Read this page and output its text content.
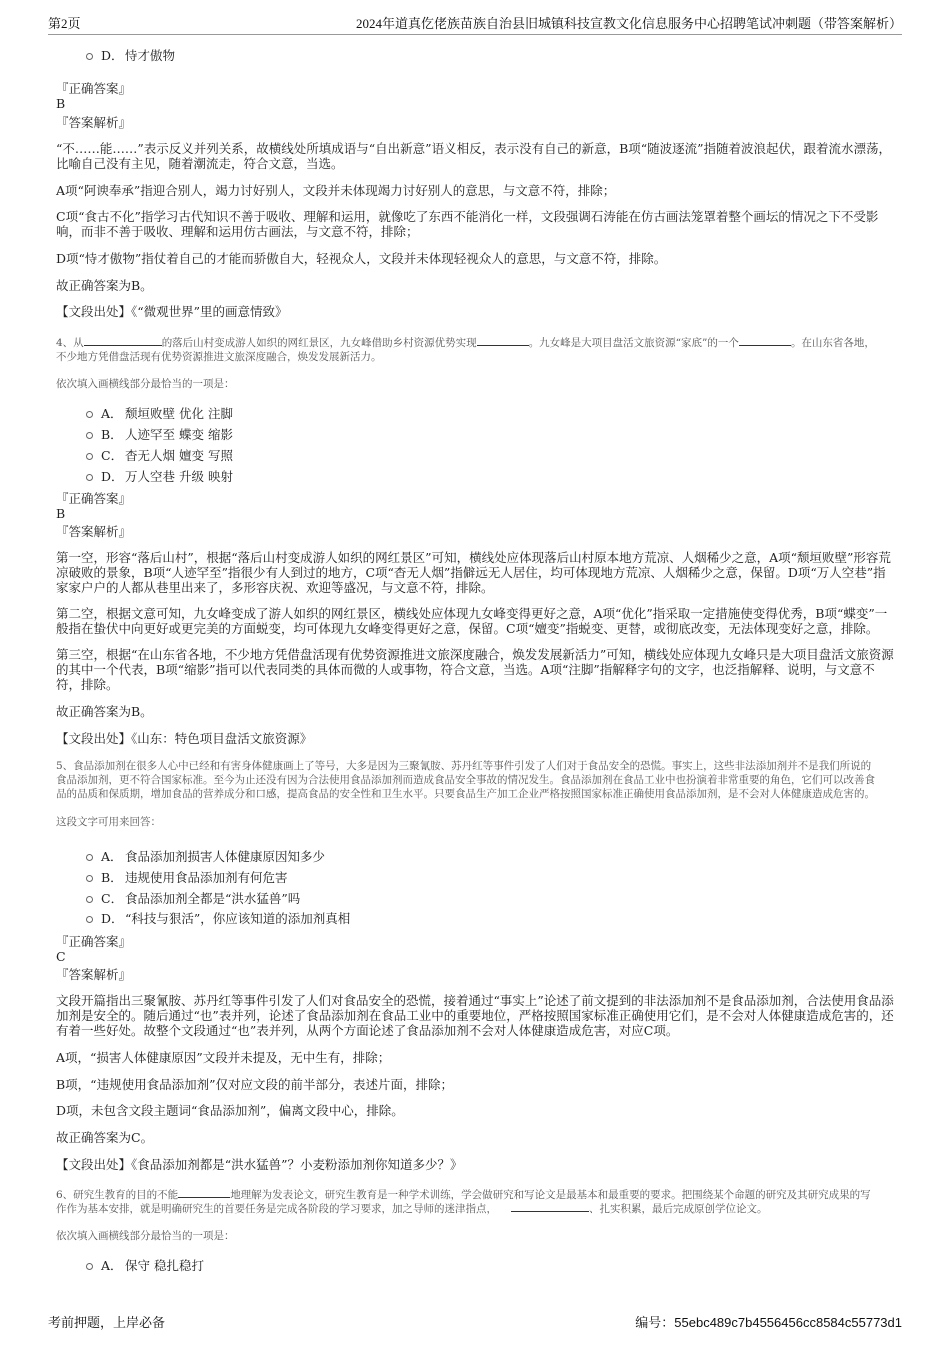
第2页	2024年道真仡佬族苗族自治县旧城镇科技宣教文化信息服务中心招聘笔试冲刺题（带答案解析）
D． 恃才傲物

『正确答案』

B

『答案解析』

“不……能……”表示反义并列关系，故横线处所填成语与“自出新意”语义相反，表示没有自己的新意，B项“随波逐流”指随着波浪起伏，跟着流水漂荡，比喻自己没有主见，随着潮流走，符合文意，当选。

A项“阿谀奉承”指迎合别人，竭力讨好别人，文段并未体现竭力讨好别人的意思，与文意不符，排除；

C项“食古不化”指学习古代知识不善于吸收、理解和运用，就像吃了东西不能消化一样，文段强调石涛能在仿古画法笼罩着整个画坛的情况之下不受影响，而非不善于吸收、理解和运用仿古画法，与文意不符，排除；

D项“恃才傲物”指仗着自己的才能而骄傲自大，轻视众人，文段并未体现轻视众人的意思，与文意不符，排除。

故正确答案为B。

【文段出处】《“微观世界”里的画意情致》

4、从	的落后山村变成游人如织的网红景区，九女峰借助乡村资源优势实现	。九女峰是大项目盘活文旅资源“家底”的一个	。在山东省各地，

不少地方凭借盘活现有优势资源推进文旅深度融合，焕发发展新活力。

依次填入画横线部分最恰当的一项是：

A． 颓垣败壁 优化 注脚
B． 人迹罕至 蝶变 缩影
C． 杳无人烟 嬗变 写照
D． 万人空巷 升级 映射

『正确答案』

B

『答案解析』

第一空，形容“落后山村”，根据“落后山村变成游人如织的网红景区”可知，横线处应体现落后山村原本地方荒凉、人烟稀少之意，A项“颓垣败壁”形容荒凉破败的景象，B项“人迹罕至”指很少有人到过的地方，C项“杳无人烟”指僻远无人居住，均可体现地方荒凉、人烟稀少之意，保留。D项“万人空巷”指家家户户的人都从巷里出来了，多形容庆祝、欢迎等盛况，与文意不符，排除。

第二空，根据文意可知，九女峰变成了游人如织的网红景区，横线处应体现九女峰变得更好之意，A项“优化”指采取一定措施使变得优秀，B项“蝶变”一般指在蛰伏中向更好或更完美的方面蜕变，均可体现九女峰变得更好之意，保留。C项“嬗变”指蜕变、更替，或彻底改变，无法体现变好之意，排除。

第三空，根据“在山东省各地，不少地方凭借盘活现有优势资源推进文旅深度融合，焕发发展新活力”可知，横线处应体现九女峰只是大项目盘活文旅资源的其中一个代表，B项“缩影”指可以代表同类的具体而微的人或事物，符合文意，当选。A项“注脚”指解释字句的文字，也泛指解释、说明，与文意不符，排除。

故正确答案为B。

【文段出处】《山东：特色项目盘活文旅资源》

5、食品添加剂在很多人心中已经和有害身体健康画上了等号，大多是因为三聚氰胺、苏丹红等事件引发了人们对于食品安全的恐慌。事实上，这些非法添加剂并不是我们所说的

食品添加剂，更不符合国家标准。至今为止还没有因为合法使用食品添加剂而造成食品安全事故的情况发生。食品添加剂在食品工业中也扮演着非常重要的角色，它们可以改善食

品的品质和保质期，增加食品的营养成分和口感，提高食品的安全性和卫生水平。只要食品生产加工企业严格按照国家标准正确使用食品添加剂，是不会对人体健康造成危害的。

这段文字可用来回答：

A． 食品添加剂损害人体健康原因知多少
B． 违规使用食品添加剂有何危害
C． 食品添加剂全都是“洪水猛兽”吗
D． “科技与狠活”，你应该知道的添加剂真相

『正确答案』

C

『答案解析』

文段开篇指出三聚氰胺、苏丹红等事件引发了人们对食品安全的恐慌，接着通过“事实上”论述了前文提到的非法添加剂不是食品添加剂，合法使用食品添加剂是安全的。随后通过“也”表并列，论述了食品添加剂在食品工业中的重要地位，严格按照国家标准正确使用它们，是不会对人体健康造成危害的，还有着一些好处。故整个文段通过“也”表并列，从两个方面论述了食品添加剂不会对人体健康造成危害，对应C项。

A项，“损害人体健康原因”文段并未提及，无中生有，排除；

B项，“违规使用食品添加剂”仅对应文段的前半部分，表述片面，排除；

D项，未包含文段主题词“食品添加剂”，偏离文段中心，排除。

故正确答案为C。

【文段出处】《食品添加剂都是“洪水猛兽”？小麦粉添加剂你知道多少？》

6、研究生教育的目的不能	地理解为发表论文，研究生教育是一种学术训练，学会做研究和写论文是最基本和最重要的要求。把围绕某个命题的研究及其研究成果的写

作作为基本安排，就是明确研究生的首要任务是完成各阶段的学习要求，加之导师的迷津指点，	、扎实积累，最后完成原创学位论文。

依次填入画横线部分最恰当的一项是：

A． 保守 稳扎稳打
考前押题，上岸必备	编号：55ebc489c7b4556456cc8584c55773d1
